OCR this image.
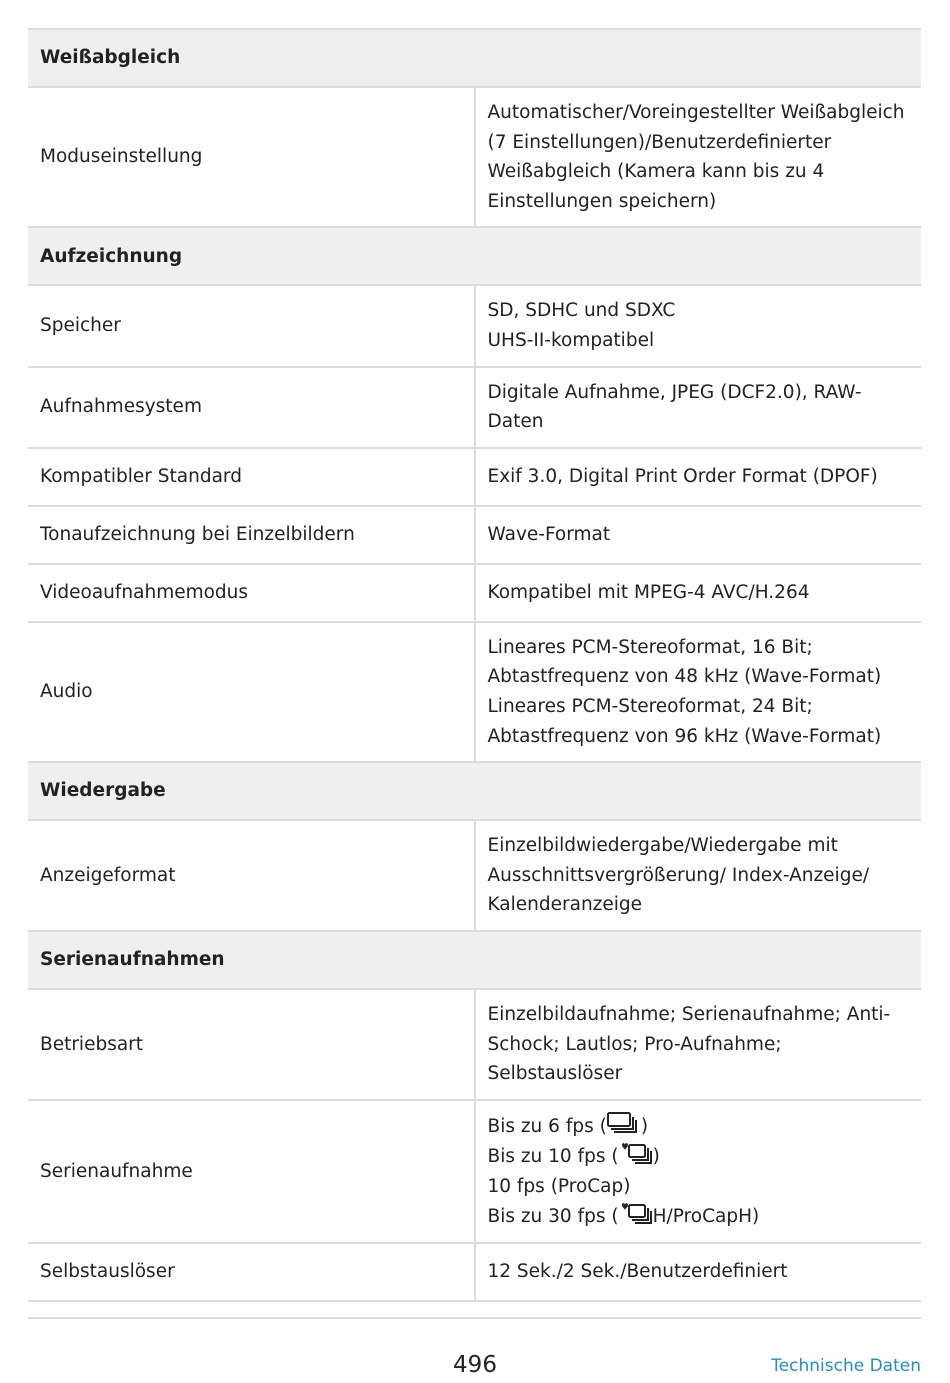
Weißabgleich	
Moduseinstellung	Automatischer/Voreingestellter Weißabgleich (7 Einstellungen)/Benutzerdefinierter Weißabgleich (Kamera kann bis zu 4 Einstellungen speichern)

Aufzeichnung	
Speicher	SD, SDHC und SDXC
UHS-II-kompatibel

Aufnahmesystem	Digitale Aufnahme, JPEG (DCF2.0), RAW-Daten

Kompatibler Standard	Exif 3.0, Digital Print Order Format (DPOF)

Tonaufzeichnung bei Einzelbildern	Wave-Format

Videoaufnahmemodus	Kompatibel mit MPEG-4 AVC/H.264

Audio	Lineares PCM-Stereoformat, 16 Bit; Abtastfrequenz von 48 kHz (Wave-Format)
Lineares PCM-Stereoformat, 24 Bit; Abtastfrequenz von 96 kHz (Wave-Format)

Wiedergabe	
Anzeigeformat	Einzelbildwiedergabe/Wiedergabe mit Ausschnittsvergrößerung/ Index-Anzeige/ Kalenderanzeige

Serienaufnahmen	
Betriebsart	Einzelbildaufnahme; Serienaufnahme; Anti-Schock; Lautlos; Pro-Aufnahme; Selbstauslöser

Serienaufnahme	Bis zu 6 fps ( )
Bis zu 10 fps ( )
10 fps (ProCap)
Bis zu 30 fps ( H/ProCapH)

Selbstauslöser	12 Sek./2 Sek./Benutzerdefiniert
496	Technische Daten
